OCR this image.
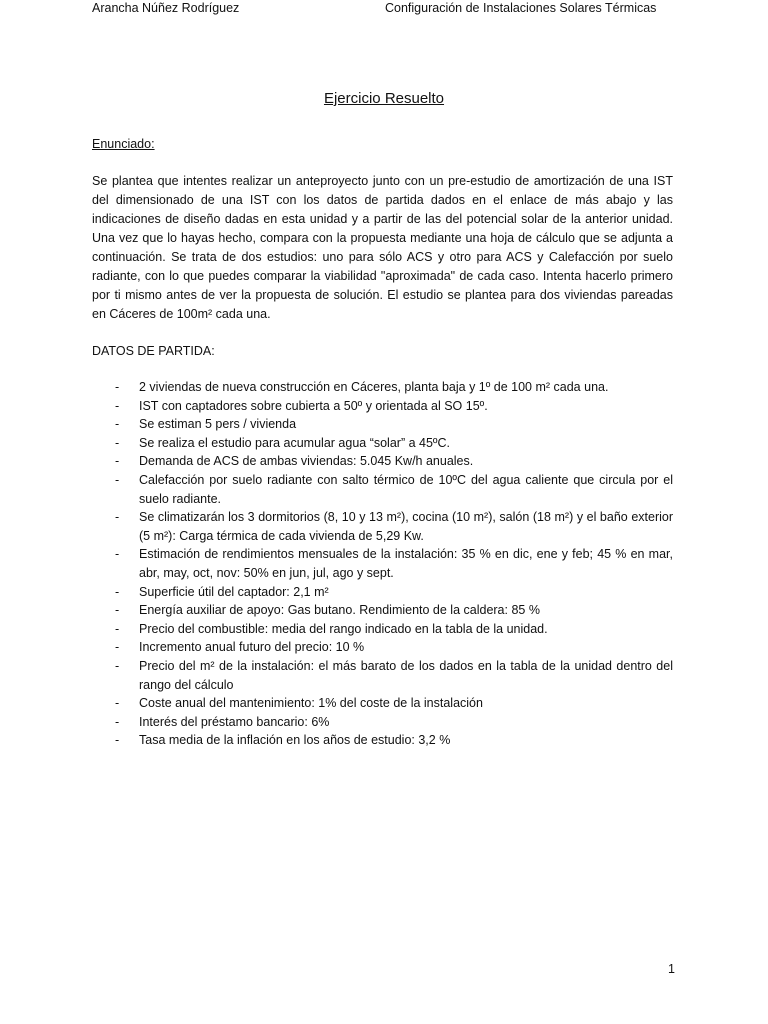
Arancha Núñez Rodríguez	Configuración de Instalaciones Solares Térmicas
Ejercicio Resuelto
Enunciado:
Se plantea que intentes realizar un anteproyecto junto con un pre-estudio de amortización de una IST del dimensionado de una IST con los datos de partida dados en el enlace de más abajo y las indicaciones de diseño dadas en esta unidad y a partir de las del potencial solar de la anterior unidad. Una vez que lo hayas hecho, compara con la propuesta mediante una hoja de cálculo que se adjunta a continuación. Se trata de dos estudios: uno para sólo ACS y otro para ACS y Calefacción por suelo radiante, con lo que puedes comparar la viabilidad "aproximada" de cada caso. Intenta hacerlo primero por ti mismo antes de ver la propuesta de solución. El estudio se plantea para dos viviendas pareadas en Cáceres de 100m² cada una.
DATOS DE PARTIDA:
- 2 viviendas de nueva construcción en Cáceres, planta baja y 1º de 100 m² cada una.
- IST con captadores sobre cubierta a 50º y orientada al SO 15º.
- Se estiman 5 pers / vivienda
- Se realiza el estudio para acumular agua “solar” a 45ºC.
- Demanda de ACS de ambas viviendas: 5.045 Kw/h anuales.
- Calefacción por suelo radiante con salto térmico de 10ºC del agua caliente que circula por el suelo radiante.
- Se climatizarán los 3 dormitorios (8, 10 y 13 m²), cocina (10 m²), salón (18 m²) y el baño exterior (5 m²): Carga térmica de cada vivienda de 5,29 Kw.
- Estimación de rendimientos mensuales de la instalación: 35 % en dic, ene y feb; 45 % en mar, abr, may, oct, nov: 50% en jun, jul, ago y sept.
- Superficie útil del captador: 2,1 m²
- Energía auxiliar de apoyo: Gas butano. Rendimiento de la caldera: 85 %
- Precio del combustible: media del rango indicado en la tabla de la unidad.
- Incremento anual futuro del precio: 10 %
- Precio del m² de la instalación: el más barato de los dados en la tabla de la unidad dentro del rango del cálculo
- Coste anual del mantenimiento: 1% del coste de la instalación
- Interés del préstamo bancario: 6%
- Tasa media de la inflación en los años de estudio: 3,2 %
1
